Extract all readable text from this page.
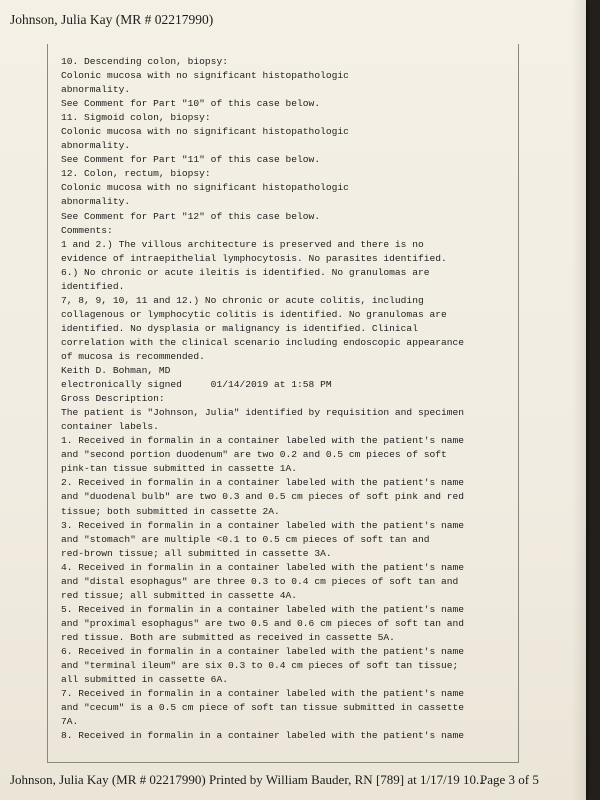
Johnson, Julia Kay (MR # 02217990)
10. Descending colon, biopsy:
Colonic mucosa with no significant histopathologic
abnormality.
See Comment for Part "10" of this case below.
11. Sigmoid colon, biopsy:
Colonic mucosa with no significant histopathologic
abnormality.
See Comment for Part "11" of this case below.
12. Colon, rectum, biopsy:
Colonic mucosa with no significant histopathologic
abnormality.
See Comment for Part "12" of this case below.
Comments:
1 and 2.) The villous architecture is preserved and there is no
evidence of intraepithelial lymphocytosis. No parasites identified.
6.) No chronic or acute ileitis is identified. No granulomas are
identified.
7, 8, 9, 10, 11 and 12.) No chronic or acute colitis, including
collagenous or lymphocytic colitis is identified. No granulomas are
identified. No dysplasia or malignancy is identified. Clinical
correlation with the clinical scenario including endoscopic appearance
of mucosa is recommended.
Keith D. Bohman, MD
electronically signed     01/14/2019 at 1:58 PM
Gross Description:
The patient is "Johnson, Julia" identified by requisition and specimen
container labels.
1. Received in formalin in a container labeled with the patient's name
and "second portion duodenum" are two 0.2 and 0.5 cm pieces of soft
pink-tan tissue submitted in cassette 1A.
2. Received in formalin in a container labeled with the patient's name
and "duodenal bulb" are two 0.3 and 0.5 cm pieces of soft pink and red
tissue; both submitted in cassette 2A.
3. Received in formalin in a container labeled with the patient's name
and "stomach" are multiple <0.1 to 0.5 cm pieces of soft tan and
red-brown tissue; all submitted in cassette 3A.
4. Received in formalin in a container labeled with the patient's name
and "distal esophagus" are three 0.3 to 0.4 cm pieces of soft tan and
red tissue; all submitted in cassette 4A.
5. Received in formalin in a container labeled with the patient's name
and "proximal esophagus" are two 0.5 and 0.6 cm pieces of soft tan and
red tissue. Both are submitted as received in cassette 5A.
6. Received in formalin in a container labeled with the patient's name
and "terminal ileum" are six 0.3 to 0.4 cm pieces of soft tan tissue;
all submitted in cassette 6A.
7. Received in formalin in a container labeled with the patient's name
and "cecum" is a 0.5 cm piece of soft tan tissue submitted in cassette
7A.
8. Received in formalin in a container labeled with the patient's name
Johnson, Julia Kay (MR # 02217990) Printed by William Bauder, RN [789] at 1/17/19 10...
Page 3 of 5
